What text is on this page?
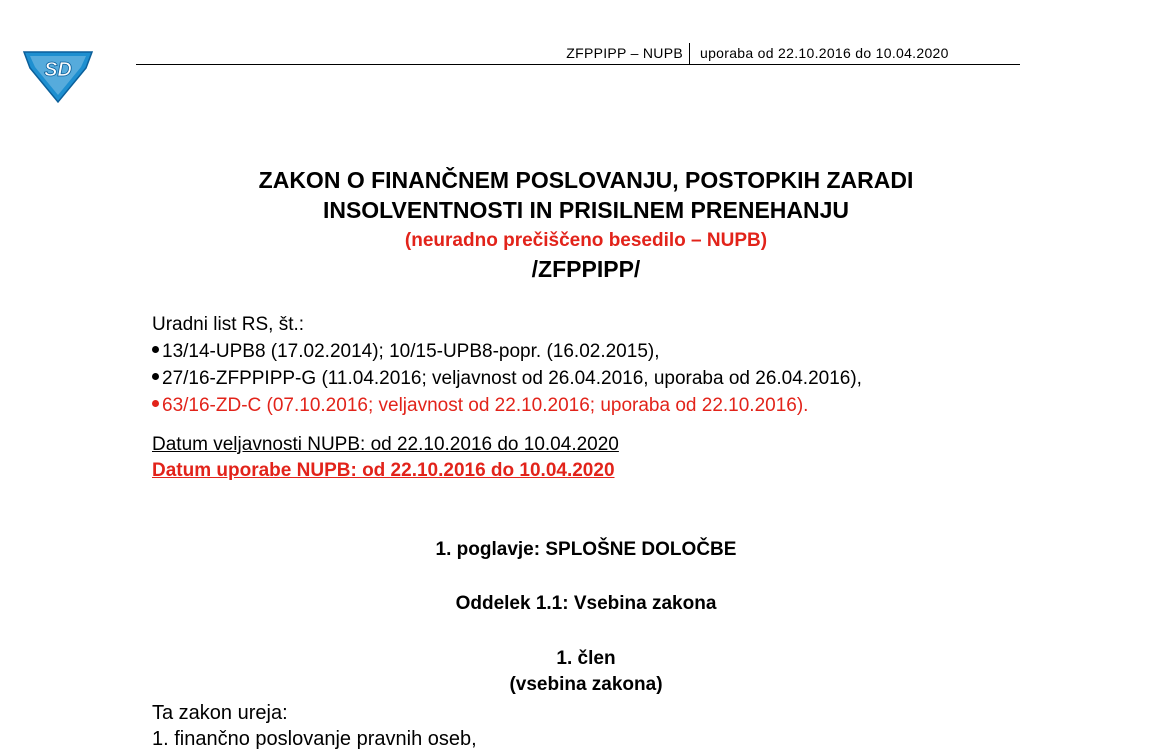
SD
ZFPPIPP – NUPB uporaba od 22.10.2016 do 10.04.2020
ZAKON O FINANČNEM POSLOVANJU, POSTOPKIH ZARADI
INSOLVENTNOSTI IN PRISILNEM PRENEHANJU
(neuradno prečiščeno besedilo – NUPB)
/ZFPPIPP/
Uradni list RS, št.:
13/14-UPB8 (17.02.2014); 10/15-UPB8-popr. (16.02.2015),
27/16-ZFPPIPP-G (11.04.2016; veljavnost od 26.04.2016, uporaba od 26.04.2016),
63/16-ZD-C (07.10.2016; veljavnost od 22.10.2016; uporaba od 22.10.2016).
Datum veljavnosti NUPB: od 22.10.2016 do 10.04.2020
Datum uporabe NUPB: od 22.10.2016 do 10.04.2020
1. poglavje: SPLOŠNE DOLOČBE
Oddelek 1.1: Vsebina zakona
1. člen
(vsebina zakona)
Ta zakon ureja:
1. finančno poslovanje pravnih oseb,
